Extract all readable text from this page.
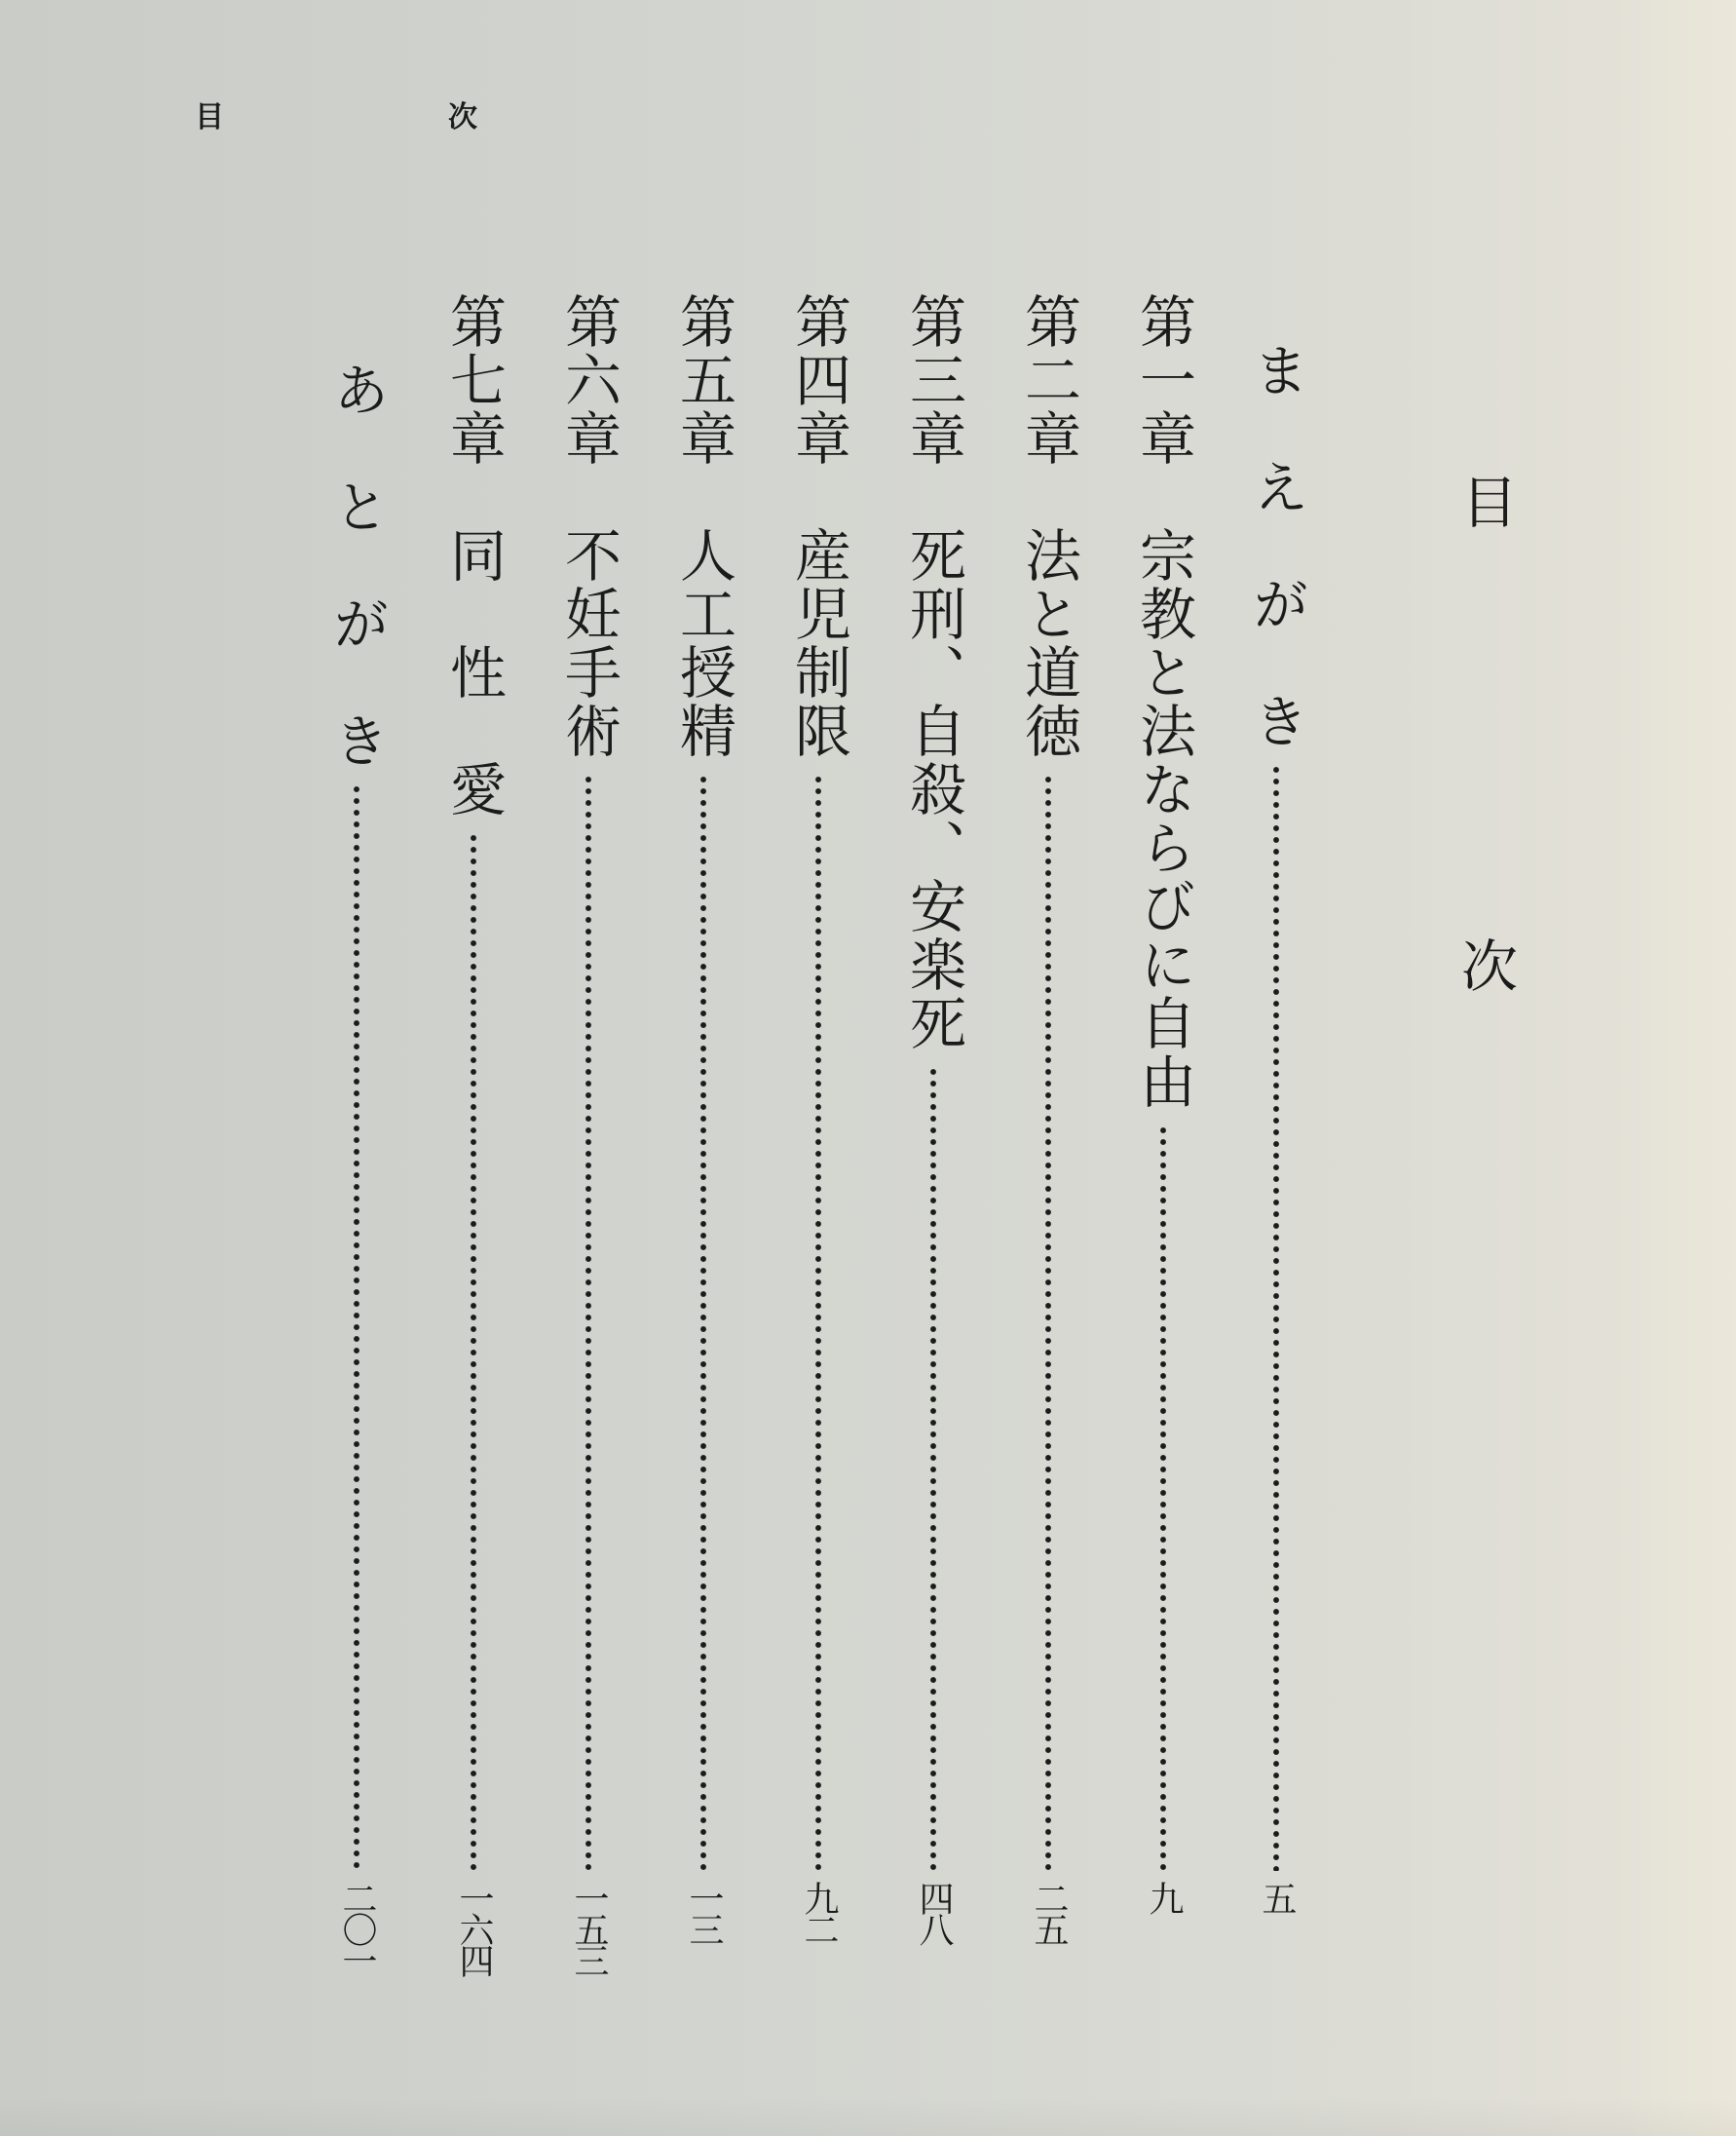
目　次
目　次
ま　え　が　き
五
第一章　宗教と法ならびに自由
九
第二章　法と道徳
二五
第三章　死刑、自殺、安楽死
四八
第四章　産児制限
九二
第五章　人工授精
一三
第六章　不妊手術
一五三
第七章　同　性　愛
一六四
あ　と　が　き
二〇一
